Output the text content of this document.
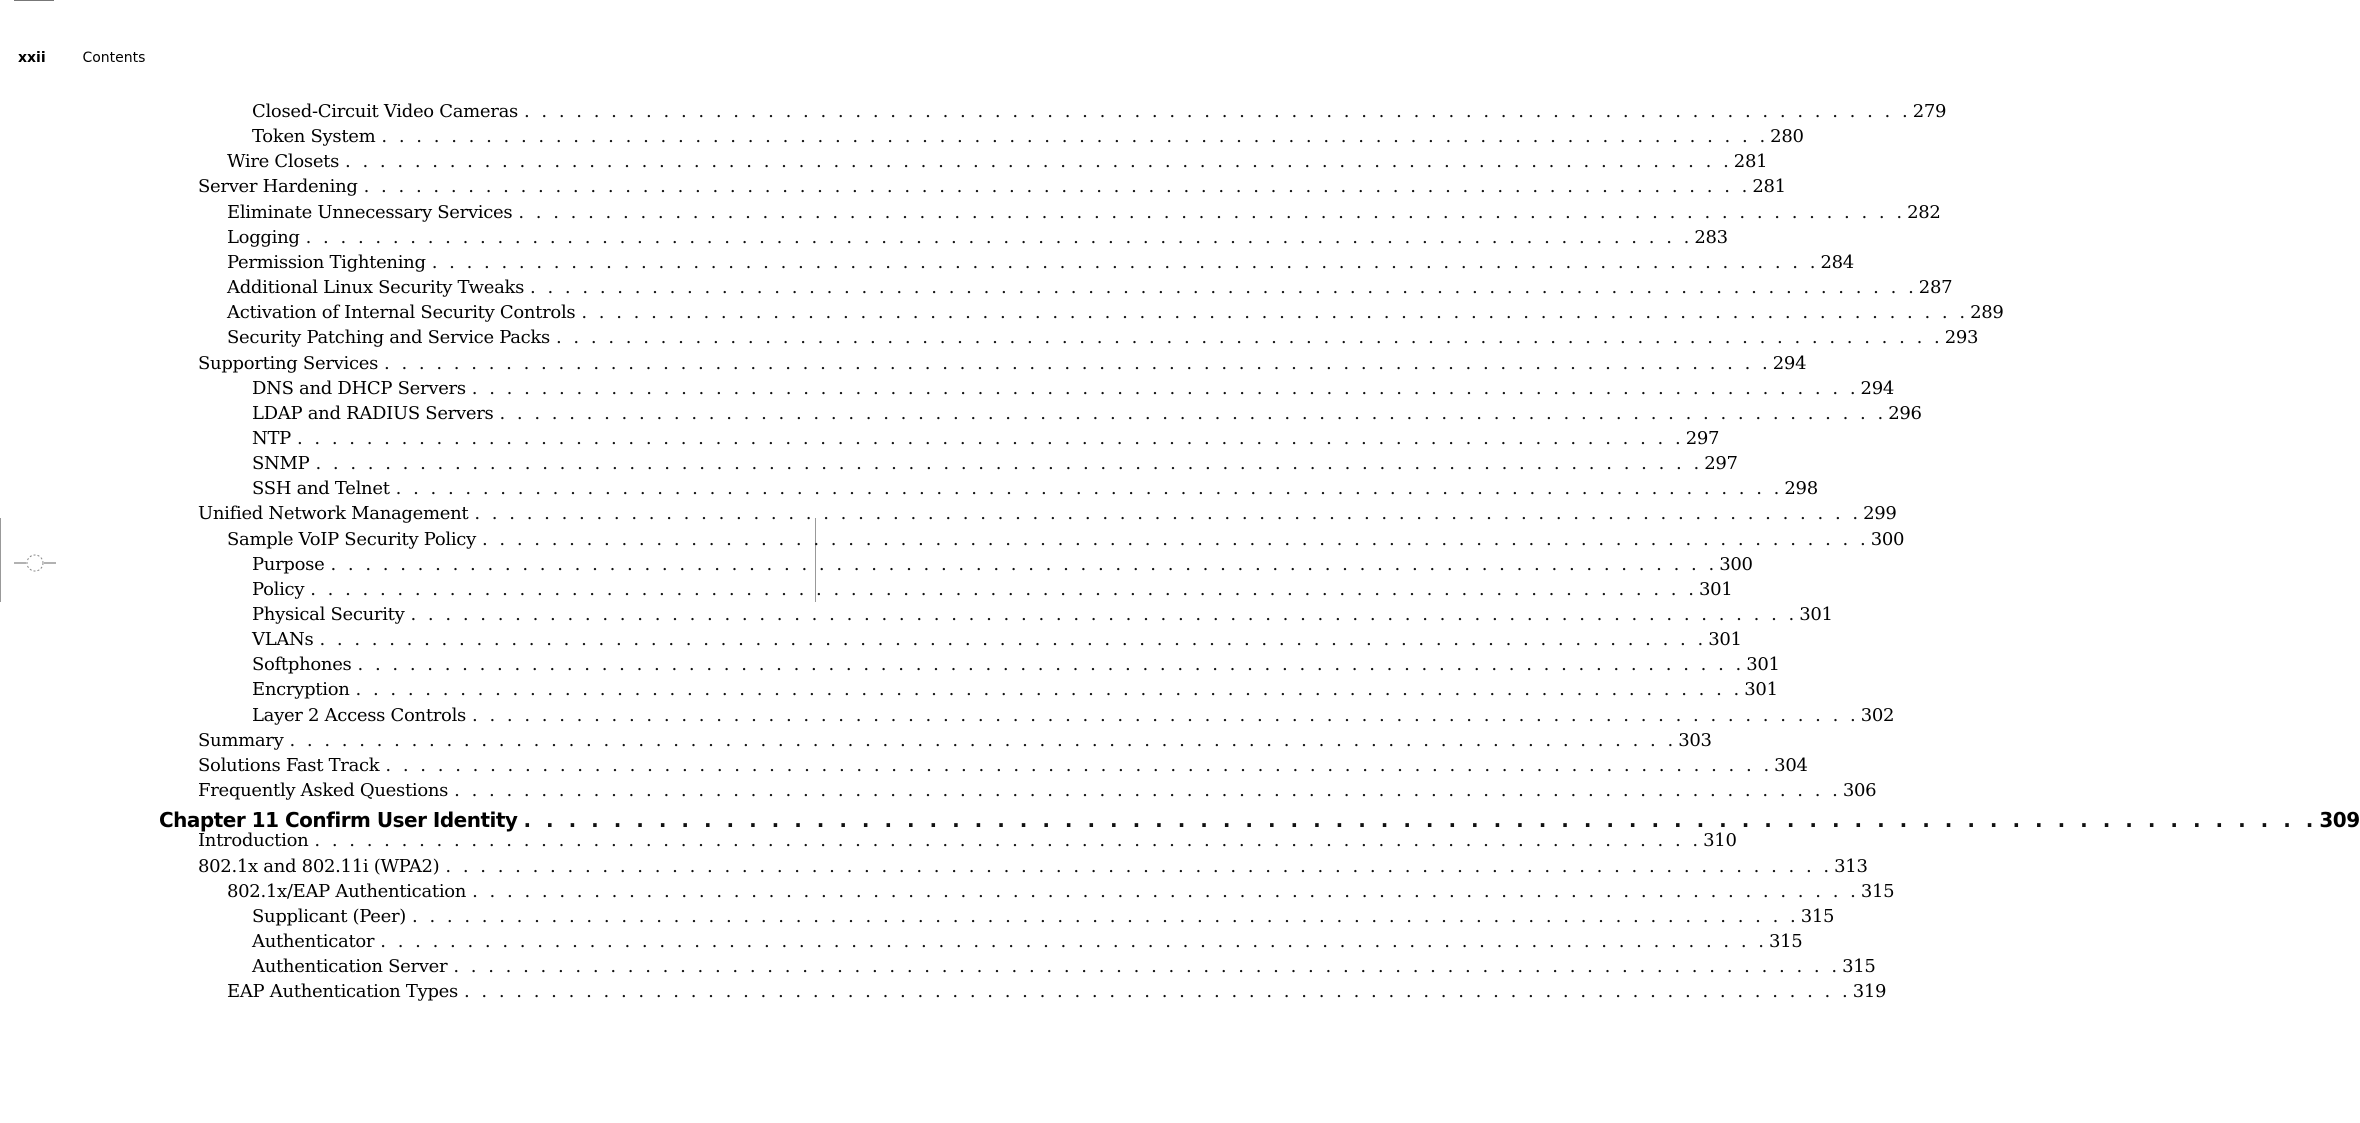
xxii	Contents
Closed-Circuit Video Cameras . . . . . . . . . . . . . . . . . . . . . . . . . . . . . . . . . . . . . . . . . . . . . . . . . . . . . . . . . . . . . . . . . . . . . . . . . . . . . . . . 279
Token System . . . . . . . . . . . . . . . . . . . . . . . . . . . . . . . . . . . . . . . . . . . . . . . . . . . . . . . . . . . . . . . . . . . . . . . . . . . . . . . . 280
Wire Closets . . . . . . . . . . . . . . . . . . . . . . . . . . . . . . . . . . . . . . . . . . . . . . . . . . . . . . . . . . . . . . . . . . . . . . . . . . . . . . . . 281
Server Hardening . . . . . . . . . . . . . . . . . . . . . . . . . . . . . . . . . . . . . . . . . . . . . . . . . . . . . . . . . . . . . . . . . . . . . . . . . . . . . . . . 281
Eliminate Unnecessary Services . . . . . . . . . . . . . . . . . . . . . . . . . . . . . . . . . . . . . . . . . . . . . . . . . . . . . . . . . . . . . . . . . . . . . . . . . . . . . . . . 282
Logging . . . . . . . . . . . . . . . . . . . . . . . . . . . . . . . . . . . . . . . . . . . . . . . . . . . . . . . . . . . . . . . . . . . . . . . . . . . . . . . . 283
Permission Tightening . . . . . . . . . . . . . . . . . . . . . . . . . . . . . . . . . . . . . . . . . . . . . . . . . . . . . . . . . . . . . . . . . . . . . . . . . . . . . . . . 284
Additional Linux Security Tweaks . . . . . . . . . . . . . . . . . . . . . . . . . . . . . . . . . . . . . . . . . . . . . . . . . . . . . . . . . . . . . . . . . . . . . . . . . . . . . . . . 287
Activation of Internal Security Controls . . . . . . . . . . . . . . . . . . . . . . . . . . . . . . . . . . . . . . . . . . . . . . . . . . . . . . . . . . . . . . . . . . . . . . . . . . . . . . . . 289
Security Patching and Service Packs . . . . . . . . . . . . . . . . . . . . . . . . . . . . . . . . . . . . . . . . . . . . . . . . . . . . . . . . . . . . . . . . . . . . . . . . . . . . . . . . 293
Supporting Services . . . . . . . . . . . . . . . . . . . . . . . . . . . . . . . . . . . . . . . . . . . . . . . . . . . . . . . . . . . . . . . . . . . . . . . . . . . . . . . . 294
DNS and DHCP Servers . . . . . . . . . . . . . . . . . . . . . . . . . . . . . . . . . . . . . . . . . . . . . . . . . . . . . . . . . . . . . . . . . . . . . . . . . . . . . . . . 294
LDAP and RADIUS Servers . . . . . . . . . . . . . . . . . . . . . . . . . . . . . . . . . . . . . . . . . . . . . . . . . . . . . . . . . . . . . . . . . . . . . . . . . . . . . . . . 296
NTP . . . . . . . . . . . . . . . . . . . . . . . . . . . . . . . . . . . . . . . . . . . . . . . . . . . . . . . . . . . . . . . . . . . . . . . . . . . . . . . . 297
SNMP . . . . . . . . . . . . . . . . . . . . . . . . . . . . . . . . . . . . . . . . . . . . . . . . . . . . . . . . . . . . . . . . . . . . . . . . . . . . . . . . 297
SSH and Telnet . . . . . . . . . . . . . . . . . . . . . . . . . . . . . . . . . . . . . . . . . . . . . . . . . . . . . . . . . . . . . . . . . . . . . . . . . . . . . . . . 298
Unified Network Management . . . . . . . . . . . . . . . . . . . . . . . . . . . . . . . . . . . . . . . . . . . . . . . . . . . . . . . . . . . . . . . . . . . . . . . . . . . . . . . . 299
Sample VoIP Security Policy . . . . . . . . . . . . . . . . . . . . . . . . . . . . . . . . . . . . . . . . . . . . . . . . . . . . . . . . . . . . . . . . . . . . . . . . . . . . . . . . 300
Purpose . . . . . . . . . . . . . . . . . . . . . . . . . . . . . . . . . . . . . . . . . . . . . . . . . . . . . . . . . . . . . . . . . . . . . . . . . . . . . . . . 300
Policy . . . . . . . . . . . . . . . . . . . . . . . . . . . . . . . . . . . . . . . . . . . . . . . . . . . . . . . . . . . . . . . . . . . . . . . . . . . . . . . . 301
Physical Security . . . . . . . . . . . . . . . . . . . . . . . . . . . . . . . . . . . . . . . . . . . . . . . . . . . . . . . . . . . . . . . . . . . . . . . . . . . . . . . . 301
VLANs . . . . . . . . . . . . . . . . . . . . . . . . . . . . . . . . . . . . . . . . . . . . . . . . . . . . . . . . . . . . . . . . . . . . . . . . . . . . . . . . 301
Softphones . . . . . . . . . . . . . . . . . . . . . . . . . . . . . . . . . . . . . . . . . . . . . . . . . . . . . . . . . . . . . . . . . . . . . . . . . . . . . . . . 301
Encryption . . . . . . . . . . . . . . . . . . . . . . . . . . . . . . . . . . . . . . . . . . . . . . . . . . . . . . . . . . . . . . . . . . . . . . . . . . . . . . . . 301
Layer 2 Access Controls . . . . . . . . . . . . . . . . . . . . . . . . . . . . . . . . . . . . . . . . . . . . . . . . . . . . . . . . . . . . . . . . . . . . . . . . . . . . . . . . 302
Summary . . . . . . . . . . . . . . . . . . . . . . . . . . . . . . . . . . . . . . . . . . . . . . . . . . . . . . . . . . . . . . . . . . . . . . . . . . . . . . . . 303
Solutions Fast Track . . . . . . . . . . . . . . . . . . . . . . . . . . . . . . . . . . . . . . . . . . . . . . . . . . . . . . . . . . . . . . . . . . . . . . . . . . . . . . . . 304
Frequently Asked Questions . . . . . . . . . . . . . . . . . . . . . . . . . . . . . . . . . . . . . . . . . . . . . . . . . . . . . . . . . . . . . . . . . . . . . . . . . . . . . . . . 306
Chapter 11 Confirm User Identity . . . . . . . . . . . . . . . . . . . . . . . . . . . . . . . . . . . . . . . . . . . . . . . . . . . . . . . . . . . . . . . . . . . . . . . . . . . . . . . . 309
Introduction . . . . . . . . . . . . . . . . . . . . . . . . . . . . . . . . . . . . . . . . . . . . . . . . . . . . . . . . . . . . . . . . . . . . . . . . . . . . . . . . 310
802.1x and 802.11i (WPA2) . . . . . . . . . . . . . . . . . . . . . . . . . . . . . . . . . . . . . . . . . . . . . . . . . . . . . . . . . . . . . . . . . . . . . . . . . . . . . . . . 313
802.1x/EAP Authentication . . . . . . . . . . . . . . . . . . . . . . . . . . . . . . . . . . . . . . . . . . . . . . . . . . . . . . . . . . . . . . . . . . . . . . . . . . . . . . . . 315
Supplicant (Peer) . . . . . . . . . . . . . . . . . . . . . . . . . . . . . . . . . . . . . . . . . . . . . . . . . . . . . . . . . . . . . . . . . . . . . . . . . . . . . . . . 315
Authenticator . . . . . . . . . . . . . . . . . . . . . . . . . . . . . . . . . . . . . . . . . . . . . . . . . . . . . . . . . . . . . . . . . . . . . . . . . . . . . . . . 315
Authentication Server . . . . . . . . . . . . . . . . . . . . . . . . . . . . . . . . . . . . . . . . . . . . . . . . . . . . . . . . . . . . . . . . . . . . . . . . . . . . . . . . 315
EAP Authentication Types . . . . . . . . . . . . . . . . . . . . . . . . . . . . . . . . . . . . . . . . . . . . . . . . . . . . . . . . . . . . . . . . . . . . . . . . . . . . . . . . 319
